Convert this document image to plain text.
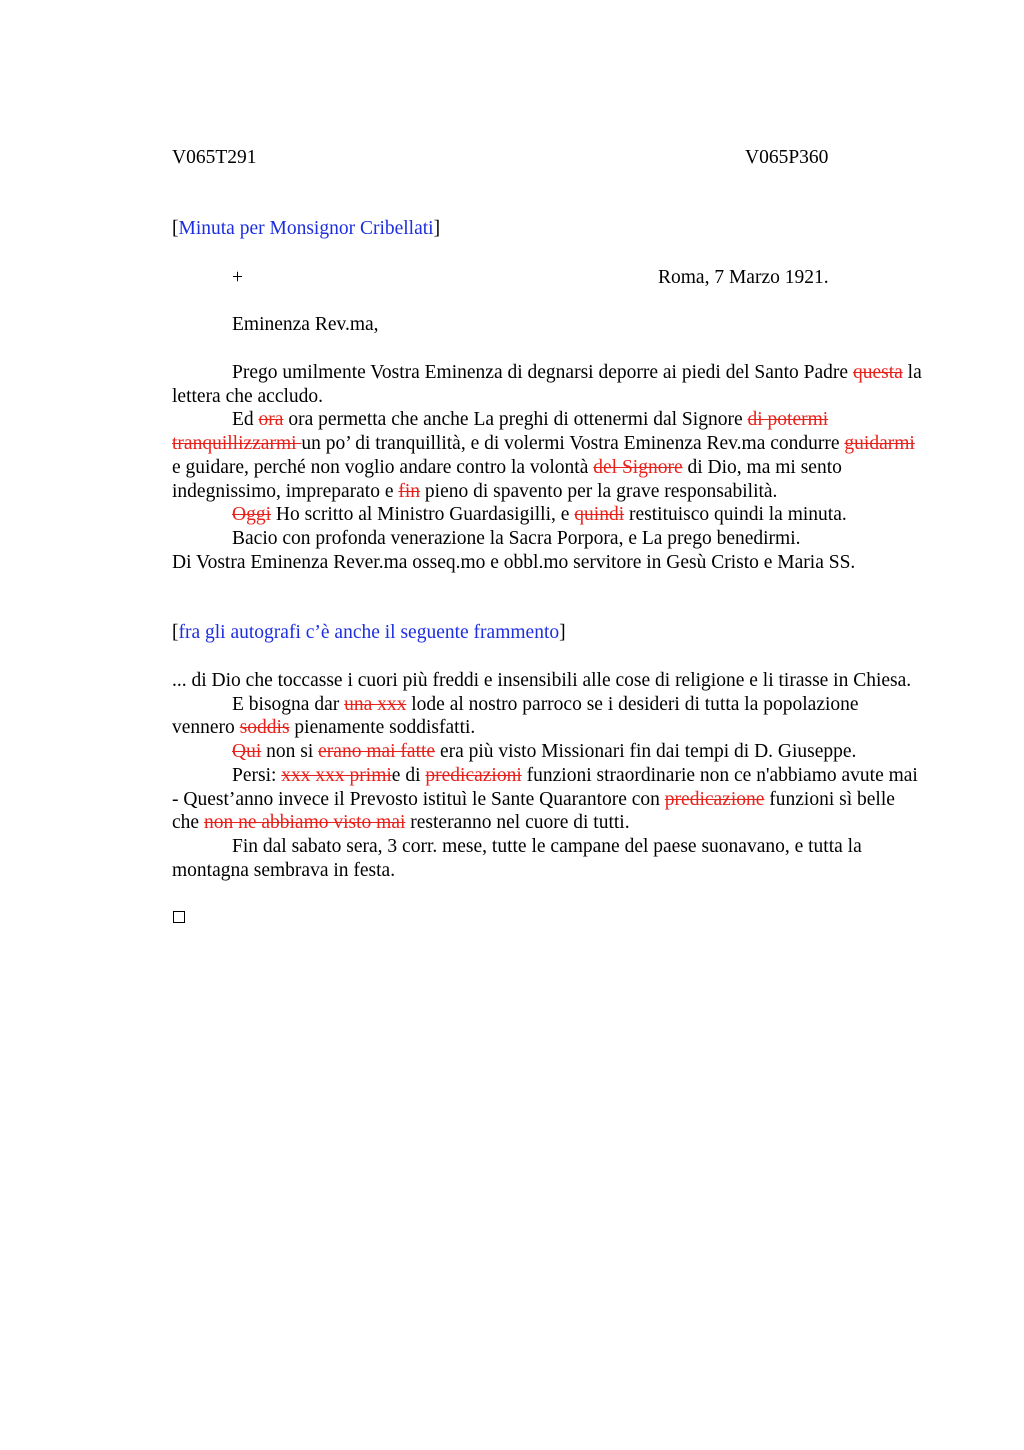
V065T291	V065P360
[Minuta per Monsignor Cribellati]
+	Roma, 7 Marzo 1921.
Eminenza Rev.ma,

Prego umilmente Vostra Eminenza di degnarsi deporre ai piedi del Santo Padre questa la lettera che accludo.

Ed ora ora permetta che anche La preghi di ottenermi dal Signore di potermi tranquillizzarmi un po’ di tranquillità, e di volermi Vostra Eminenza Rev.ma condurre guidarmi e guidare, perché non voglio andare contro la volontà del Signore di Dio, ma mi sento indegnissimo, impreparato e fin pieno di spavento per la grave responsabilità.

Oggi Ho scritto al Ministro Guardasigilli, e quindi restituisco quindi la minuta.

Bacio con profonda venerazione la Sacra Porpora, e La prego benedirmi.

Di Vostra Eminenza Rever.ma osseq.mo e obbl.mo servitore in Gesù Cristo e Maria SS.

[fra gli autografi c’è anche il seguente frammento]

... di Dio che toccasse i cuori più freddi e insensibili alle cose di religione e li tirasse in Chiesa.

E bisogna dar una xxx lode al nostro parroco se i desideri di tutta la popolazione vennero soddis pienamente soddisfatti.

Qui non si erano mai fatte era più visto Missionari fin dai tempi di D. Giuseppe.

Persi: xxx xxx primie di predicazioni funzioni straordinarie non ce n'abbiamo avute mai - Quest’anno invece il Prevosto istituì le Sante Quarantore con predicazione funzioni sì belle che non ne abbiamo visto mai resteranno nel cuore di tutti.

Fin dal sabato sera, 3 corr. mese, tutte le campane del paese suonavano, e tutta la montagna sembrava in festa.
